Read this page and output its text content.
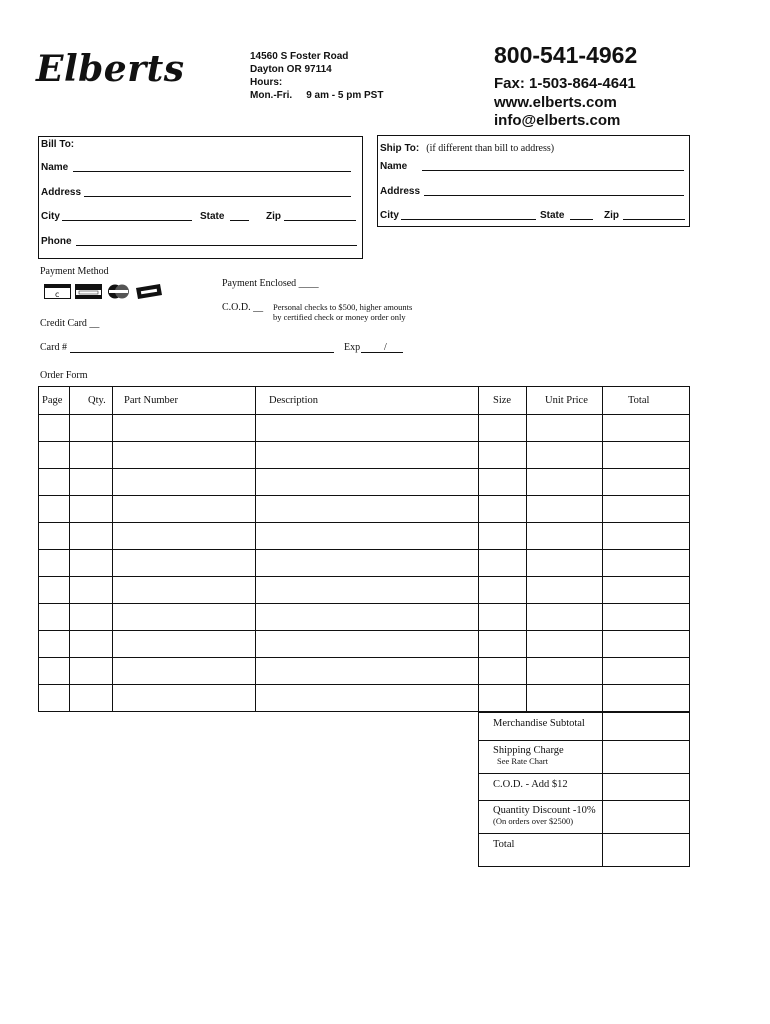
Elberts	14560 S Foster Road
Dayton OR 97114
Hours:
Mon.-Fri. 9 am - 5 pm PST
800-541-4962
Fax: 1-503-864-4641
www.elberts.com
info@elberts.com
Bill To:
Name
Address
City	State	Zip
Phone
Ship To: (if different than bill to address)
Name
Address
City	State	Zip
Payment Method
c
Payment Enclosed ____
C.O.D. __ Personal checks to $500, higher amounts
by certified check or money order only
Credit Card __
Card #	Exp /
Order Form
Page	Qty.	Part Number	Description	Size	Unit Price	Total

Merchandise Subtotal	

Shipping Charge
See Rate Chart	

C.O.D. - Add $12	

Quantity Discount -10%
(On orders over $2500)	

Total	
